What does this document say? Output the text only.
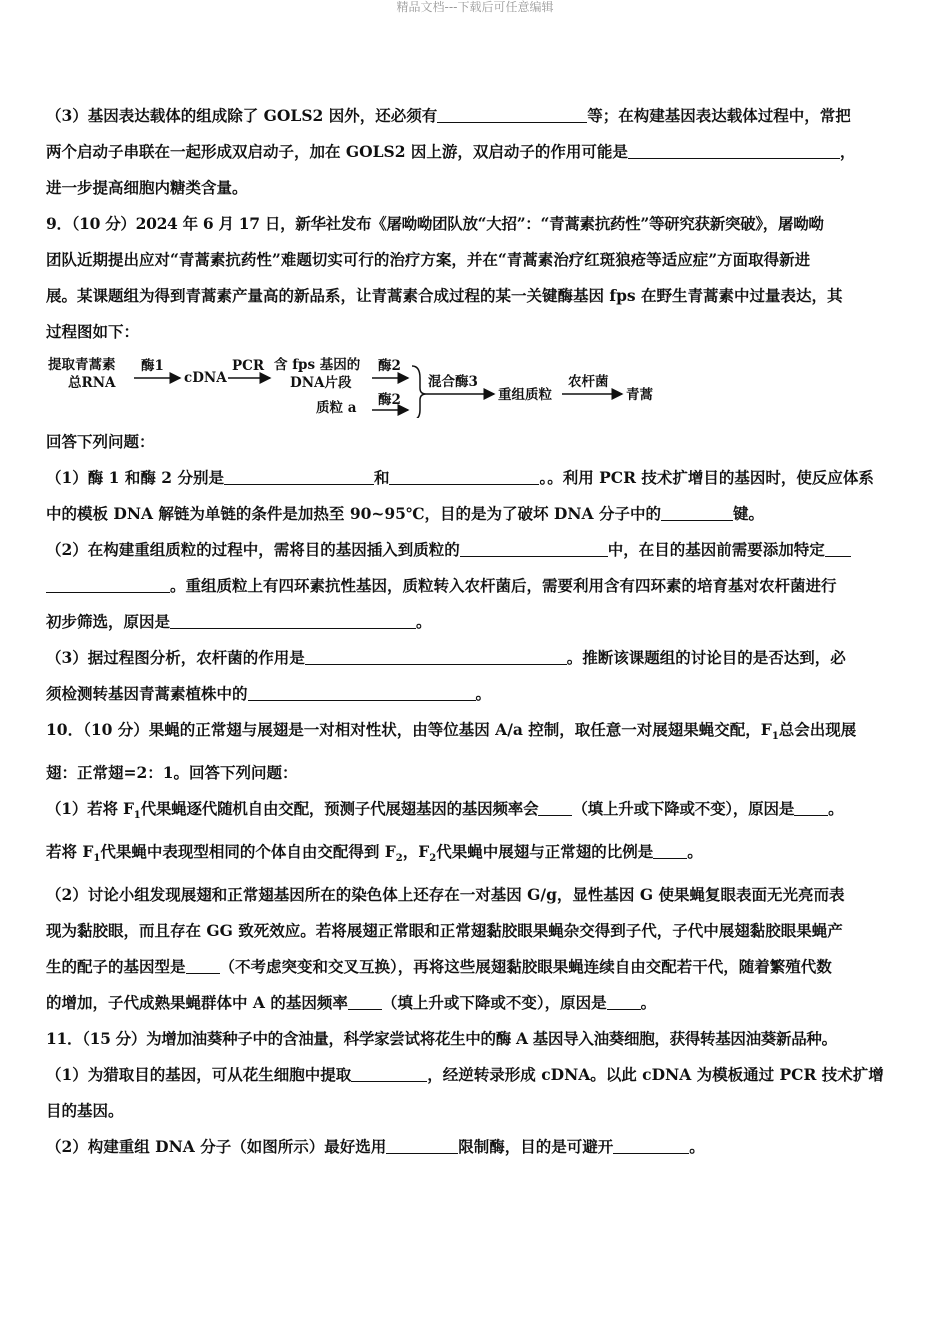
精品文档---下载后可任意编辑
（3）基因表达载体的组成除了 GOLS2 因外，还必须有	等；在构建基因表达载体过程中，常把
两个启动子串联在一起形成双启动子，加在 GOLS2 因上游，双启动子的作用可能是	，
进一步提高细胞内糖类含量。
9．（10 分）2024 年 6 月 17 日，新华社发布《屠呦呦团队放“大招”：“青蒿素抗药性”等研究获新突破》，屠呦呦
团队近期提出应对“青蒿素抗药性”难题切实可行的治疗方案，并在“青蒿素治疗红斑狼疮等适应症”方面取得新进
展。某课题组为得到青蒿素产量高的新品系，让青蒿素合成过程的某一关键酶基因 fps 在野生青蒿素中过量表达，其
过程图如下：
提取青蒿素
总RNA
酶1
cDNA
PCR 含 fps 基因的
DNA片段
酶2
质粒 a 酶2
混合酶3
重组质粒
农杆菌
青蒿
回答下列问题：
（1）酶 1 和酶 2 分别是	和	。。利用 PCR 技术扩增目的基因时，使反应体系
中的模板 DNA 解链为单链的条件是加热至 90~95℃，目的是为了破坏 DNA 分子中的	键。
（2）在构建重组质粒的过程中，需将目的基因插入到质粒的	中，在目的基因前需要添加特定
。重组质粒上有四环素抗性基因，质粒转入农杆菌后，需要利用含有四环素的培育基对农杆菌进行
初步筛选，原因是	。
（3）据过程图分析，农杆菌的作用是	。推断该课题组的讨论目的是否达到，必
须检测转基因青蒿素植株中的	。
10．（10 分）果蝇的正常翅与展翅是一对相对性状，由等位基因 A/a 控制，取任意一对展翅果蝇交配，$F_1$总会出现展
翅：正常翅=2：1。回答下列问题：
（1）若将 $F_1$代果蝇逐代随机自由交配，预测子代展翅基因的基因频率会 （填上升或下降或不变），原因是 。
若将 $F_1$代果蝇中表现型相同的个体自由交配得到 $F_2$，$F_2$代果蝇中展翅与正常翅的比例是 。
（2）讨论小组发现展翅和正常翅基因所在的染色体上还存在一对基因 G/g，显性基因 G 使果蝇复眼表面无光亮而表
现为黏胶眼，而且存在 GG 致死效应。若将展翅正常眼和正常翅黏胶眼果蝇杂交得到子代，子代中展翅黏胶眼果蝇产
生的配子的基因型是 （不考虑突变和交叉互换），再将这些展翅黏胶眼果蝇连续自由交配若干代，随着繁殖代数
的增加，子代成熟果蝇群体中 A 的基因频率 （填上升或下降或不变），原因是 。
11．（15 分）为增加油葵种子中的含油量，科学家尝试将花生中的酶 A 基因导入油葵细胞，获得转基因油葵新品种。
（1）为猎取目的基因，可从花生细胞中提取	，经逆转录形成 cDNA。以此 cDNA 为模板通过 PCR 技术扩增
目的基因。
（2）构建重组 DNA 分子（如图所示）最好选用	限制酶，目的是可避开	。
